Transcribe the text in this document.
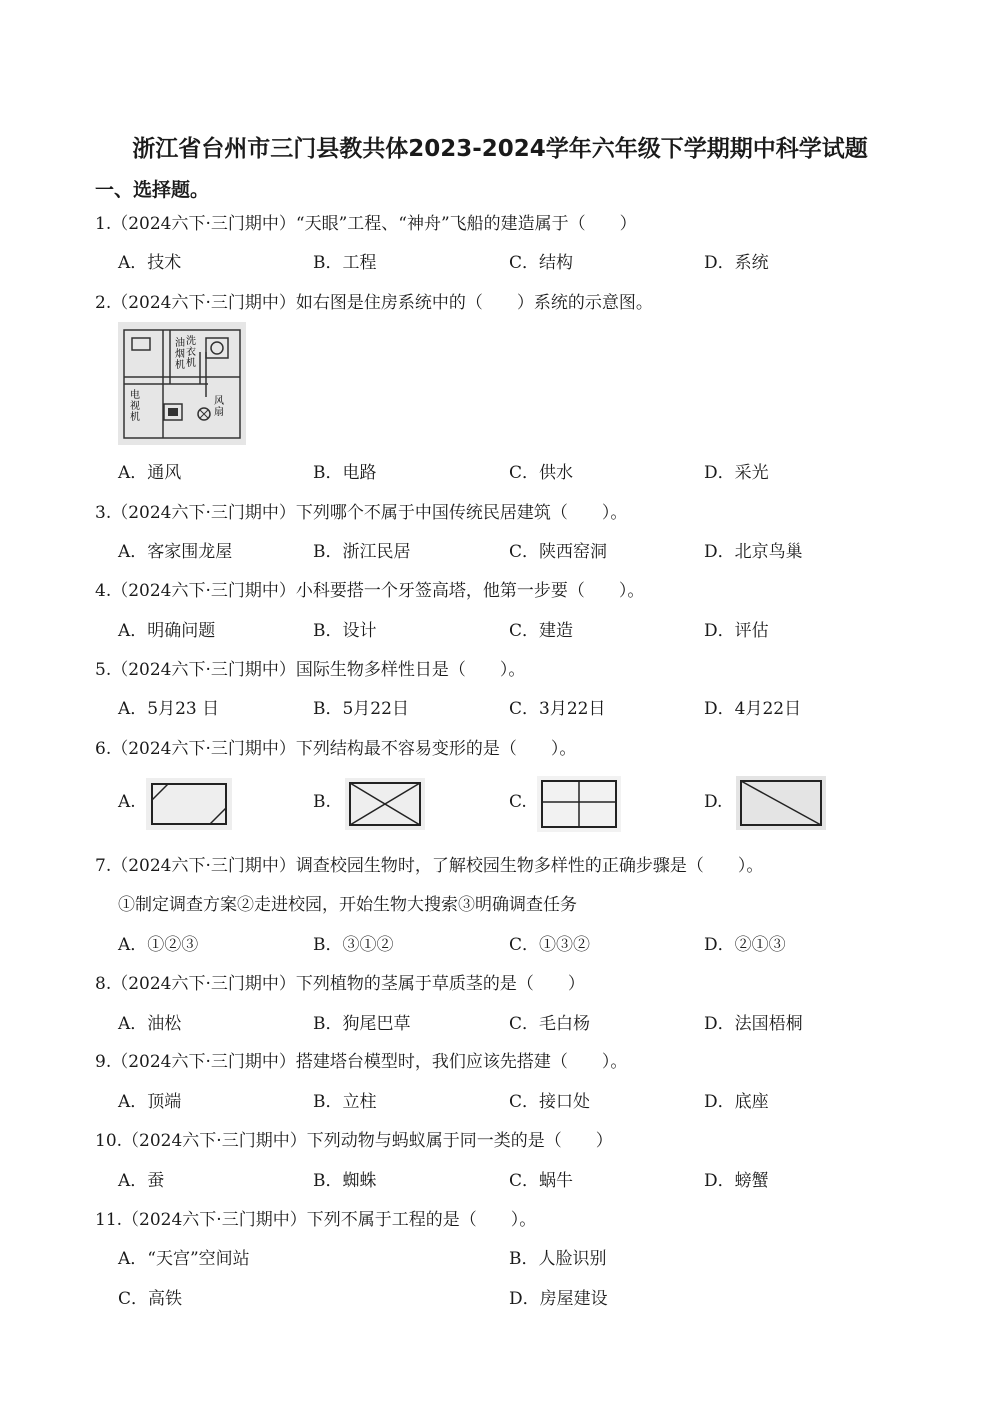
浙江省台州市三门县教共体2023-2024学年六年级下学期期中科学试题
一、选择题。
1.（2024六下·三门期中）“天眼”工程、“神舟”飞船的建造属于（　　）
A．技术	B．工程	C．结构	D．系统
2.（2024六下·三门期中）如右图是住房系统中的（　　）系统的示意图。
油烟机
洗衣机
电视机
风扇
A．通风	B．电路	C．供水	D．采光
3.（2024六下·三门期中）下列哪个不属于中国传统民居建筑（　　）。
A．客家围龙屋	B．浙江民居	C．陕西窑洞	D．北京鸟巢
4.（2024六下·三门期中）小科要搭一个牙签高塔，他第一步要（　　）。
A．明确问题	B．设计	C．建造	D．评估
5.（2024六下·三门期中）国际生物多样性日是（　　）。
A．5月23 日	B．5月22日	C．3月22日	D．4月22日
6.（2024六下·三门期中）下列结构最不容易变形的是（　　）。
A.	B.	C.	D.
7.（2024六下·三门期中）调查校园生物时，了解校园生物多样性的正确步骤是（　　）。
①制定调查方案②走进校园，开始生物大搜索③明确调查任务
A．①②③	B．③①②	C．①③②	D．②①③
8.（2024六下·三门期中）下列植物的茎属于草质茎的是（　　）
A．油松	B．狗尾巴草	C．毛白杨	D．法国梧桐
9.（2024六下·三门期中）搭建塔台模型时，我们应该先搭建（　　）。
A．顶端	B．立柱	C．接口处	D．底座
10.（2024六下·三门期中）下列动物与蚂蚁属于同一类的是（　　）
A．蚕	B．蜘蛛	C．蜗牛	D．螃蟹
11.（2024六下·三门期中）下列不属于工程的是（　　）。
A．“天宫”空间站	B．人脸识别
C．高铁	D．房屋建设
